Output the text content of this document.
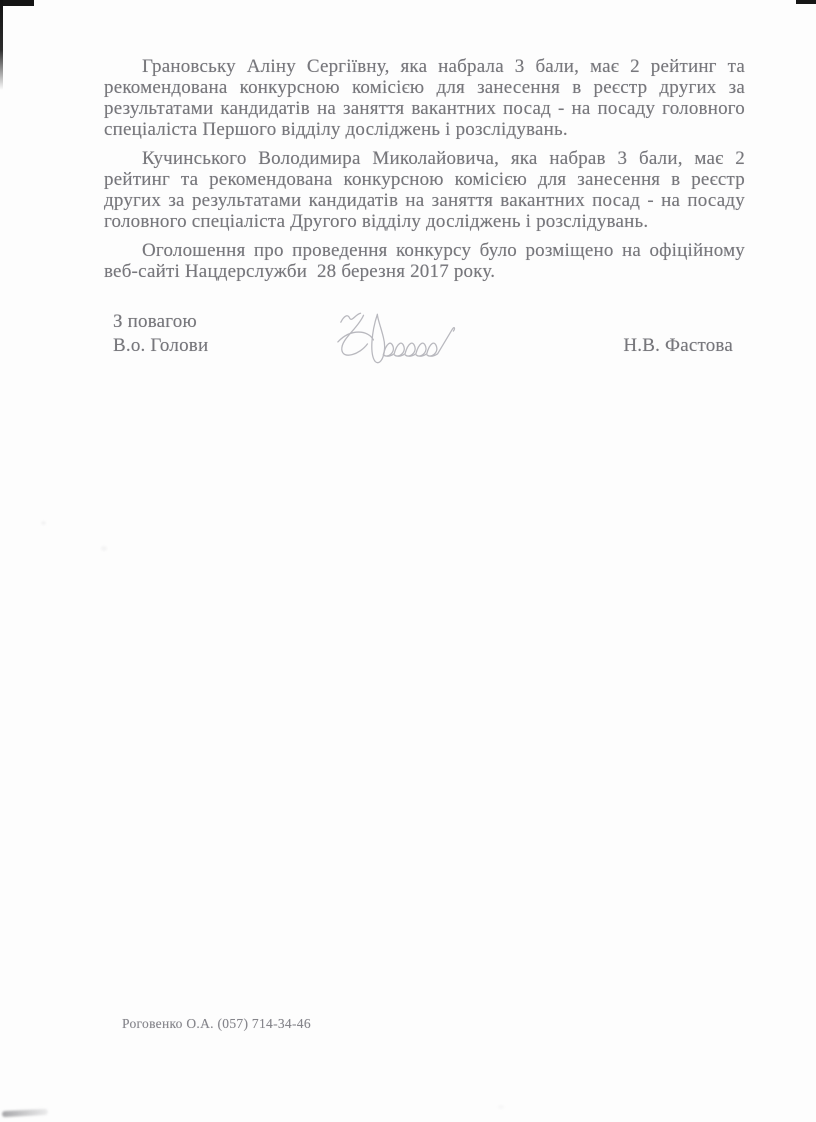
Грановську Аліну Сергіївну, яка набрала 3 бали, має 2 рейтинг та
рекомендована конкурсною комісією для занесення в реєстр других за
результатами кандидатів на заняття вакантних посад - на посаду головного
спеціаліста Першого відділу досліджень і розслідувань.
Кучинського Володимира Миколайовича, яка набрав 3 бали, має 2
рейтинг та рекомендована конкурсною комісією для занесення в реєстр
других за результатами кандидатів на заняття вакантних посад - на посаду
головного спеціаліста Другого відділу досліджень і розслідувань.
Оголошення про проведення конкурсу було розміщено на офіційному
веб-сайті Нацдерслужби  28 березня 2017 року.
З повагою
В.о. Голови	Н.В. Фастова
Роговенко О.А. (057) 714-34-46
